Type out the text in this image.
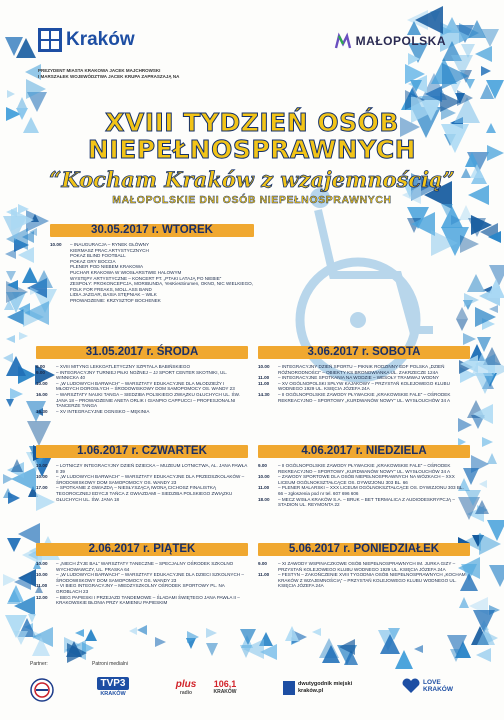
Kraków	MAŁOPOLSKA
PREZYDENT MIASTA KRAKOWA JACEK MAJCHROWSKI
I MARSZAŁEK WOJEWÓDZTWA JACEK KRUPA ZAPRASZAJĄ NA
XVIII TYDZIEŃ OSÓB
NIEPEŁNOSPRAWNYCH
“Kocham Kraków z wzajemnością”
MAŁOPOLSKIE DNI OSÓB NIEPEŁNOSPRAWNYCH
30.05.2017 r. WTOREK
10.00	– INAUGURACJA – RYNEK GŁÓWNY
KIERMASZ PRAC ARTYSTYCZNYCH
POKAZ BLIND FOOTBALL
POKAZ GRY BOCCIA
PLENER POD NIEBEM KRAKOWA
PUCHAR KRAKOWA W WIOSŁARSTWIE HALOWYM
WYSTĘPY ARTYSTYCZNE – KONCERT PT. „PTAKI LATAJĄ PO NIEBIE”
ZESPOŁY: PROKONCEPCJA, MORIBUNDA, YesKiesSirumen, OKNO, NIC WIELKIEGO, FOLK FOR FREAKS, MOLL ASS BAND
LIDIA JAZGAR, BASIA STĘPNIAK – WILK
PROWADZENIE: KRZYSZTOF BOCHENEK
31.05.2017 r. ŚRODA
9.00	– XVIII MITYNG LEKKOATLETYCZNY SZPITALA BABIŃSKIEGO
9.00	– INTEGRACYJNY TURNIEJ PIŁKI NOŻNEJ – JJ SPORT CENTER SKOTNIKI, UL. WINNICKA 40
10.00	– „W LUDOWYCH BARWACH” – WARSZTATY EDUKACYJNE DLA MŁODZIEŻY I MŁODYCH DOROSŁYCH – ŚRODOWISKOWY DOM SAMOPOMOCY OS. WANDY 23
16.00	– WARSZTATY NAUKI TANGA – SIEDZIBA POLSKIEGO ZWIĄZKU GŁUCHYCH UL. ŚW. JANA 18 – PROWADZENIE ANETA ORLIK I GIANPIO CAPPUCCI – PROFESJONALNI TANCERZE TANGA
16.30	– XV INTEGRACYJNE OGNISKO – MĘKINIA
1.06.2017 r. CZWARTEK
10.00	– LOTNICZY INTEGRACYJNY DZIEŃ DZIECKA – MUZEUM LOTNICTWA, AL. JANA PAWŁA II 39
10.00	– „W LUDOWYCH BARWACH” – WARSZTATY EDUKACYJNE DLA PRZEDSZKOLAKÓW – ŚRODOWISKOWY DOM SAMOPOMOCY OS. WANDY 23
17.00	– SPOTKANIE Z GWIAZDĄ – NIESŁYSZĄCĄ IWONĄ CICHOSZ FINALISTKĄ TEGOROCZNEJ EDYCJI TAŃCA Z GWIAZDAMI – SIEDZIBA POLSKIEGO ZWIĄZKU GŁUCHYCH UL. ŚW. JANA 18
2.06.2017 r. PIĄTEK
10.00	– „NIECH ŻYJE BAL” WARSZTATY TANECZNE – SPECJALNY OŚRODEK SZKOLNO WYCHOWAWCZY, UL. PRASKA 64
10.00	– „W LUDOWYCH BARWACH” – WARSZTATY EDUKACYJNE DLA DZIECI SZKOLNYCH – ŚRODOWISKOWY DOM SAMOPOMOCY OS. WANDY 23
11.00	– VI BIEG INTEGRACYJNY – MIEDZYSZKOLNY OŚRODEK SPORTOWY PL. NA GROBLACH 23
12.00	– BIEG PAPIESKI I PRZEJAZD TANDEMOWE – ŚLADAMI ŚWIĘTEGO JANA PAWŁA II – KRAKOWSKIE BŁONIA PRZY KAMIENIU PAPIESKIM
3.06.2017 r. SOBOTA
10.00	– INTEGRACYJNY DZIEŃ SPORTU – PIKNIK RODZINNY EDF POLSKA „DZIEŃ RÓŻNORODNOŚCI” – OBIEKTY KS BRONOWIANKA UL. ZAKRZECZE 124A
11.00	– INTEGRACYJNE SPOTKANIA NA WODZIE – WESOŁY TRAMWAJ WODNY
11.00	– XV OGÓLNOPOLSKI SPŁYW KAJAKOWY – PRZYSTAŃ KOLEJOWEGO KLUBU WODNEGO 1929 UL. KSIĘCIA JÓZEFA 24A
14.30	– II OGÓLNOPOLSKIE ZAWODY PŁYWACKIE „KRAKOWSKIE FALE” – OŚRODEK REKREACYJNO – SPORTOWY „KURDWANÓW NOWY” UL. WYSŁOUCHÓW 34 A
4.06.2017 r. NIEDZIELA
9.00	– II OGÓLNOPOLSKIE ZAWODY PŁYWACKIE „KRAKOWSKIE FALE” – OŚRODEK REKREACYJNO – SPORTOWY „KURDWANÓW NOWY” UL. WYSŁOUCHÓW 34 A
10.00	– ZAWODY SPORTOWE DLA OSÓB NIEPEŁNOSPRAWNYCH NA WÓZKACH – XXX LICEUM OGÓLNOKSZTAŁCĄCE OS. DYWIZJONU 303 BL. 66
11.00	– PLENER MALARSKI – XXX LICEUM OGÓLNOKSZTAŁCĄCE OS. DYWIZJONU 303 BL. 66 – zgłoszenia pod nr tel. 607 696 606
18.00	– MECZ WISŁA KRAKÓW S.A. – BRUK – BET TERMALICA Z AUDIODESKRYPCJĄ – STADION UL. REYMONTA 22
5.06.2017 r. PONIEDZIAŁEK
9.00	– XI ZAWODY WSPINACZKOWE OSÓB NIEPEŁNOSPRAWNYCH IM. JURKA GIZY – PRZYSTAŃ KOLEJOWEGO KLUBU WODNEGO 1929 UL. KSIĘCIA JÓZEFA 24A
11.00	– FESTYN – ZAKOŃCZENIE XVIII TYGODNIA OSÓB NIEPEŁNOSPRAWNYCH „KOCHAM KRAKÓW Z WZAJEMNOŚCIĄ” – PRZYSTAŃ KOLEJOWEGO KLUBU WODNEGO UL. KSIĘCIA JÓZEFA 24A
Partner:	Patroni medialni
TVP3
KRAKÓW
plus
radio
106,1
KRAKÓW
dwutygodnik miejski
kraków.pl
LOVE
KRAKÓW
